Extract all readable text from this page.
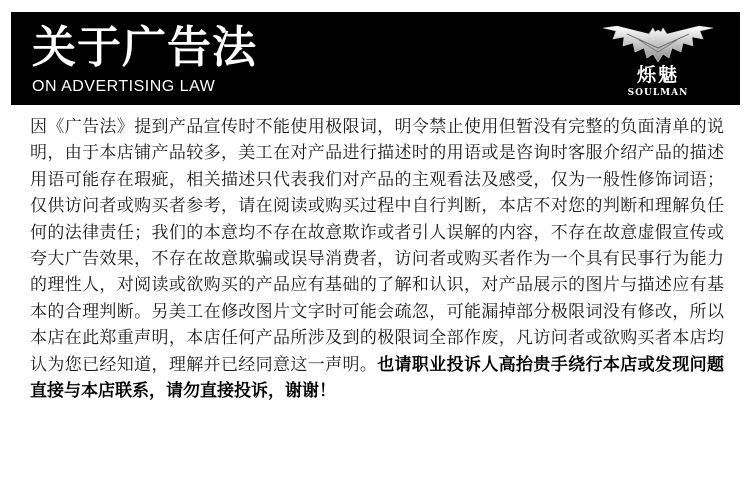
关于广告法
ON ADVERTISING LAW
烁魅
SOULMAN
因《广告法》提到产品宣传时不能使用极限词，明令禁止使用但暂没有完整的负面清单的说明，由于本店铺产品较多，美工在对产品进行描述时的用语或是咨询时客服介绍产品的描述用语可能存在瑕疵，相关描述只代表我们对产品的主观看法及感受，仅为一般性修饰词语；仅供访问者或购买者参考，请在阅读或购买过程中自行判断，本店不对您的判断和理解负任何的法律责任；我们的本意均不存在故意欺诈或者引人误解的内容，不存在故意虚假宣传或夸大广告效果，不存在故意欺骗或误导消费者，访问者或购买者作为一个具有民事行为能力的理性人，对阅读或欲购买的产品应有基础的了解和认识，对产品展示的图片与描述应有基本的合理判断。另美工在修改图片文字时可能会疏忽，可能漏掉部分极限词没有修改，所以本店在此郑重声明，本店任何产品所涉及到的极限词全部作废，凡访问者或欲购买者本店均认为您已经知道，理解并已经同意这一声明。也请职业投诉人高抬贵手绕行本店或发现问题直接与本店联系，请勿直接投诉，谢谢！
